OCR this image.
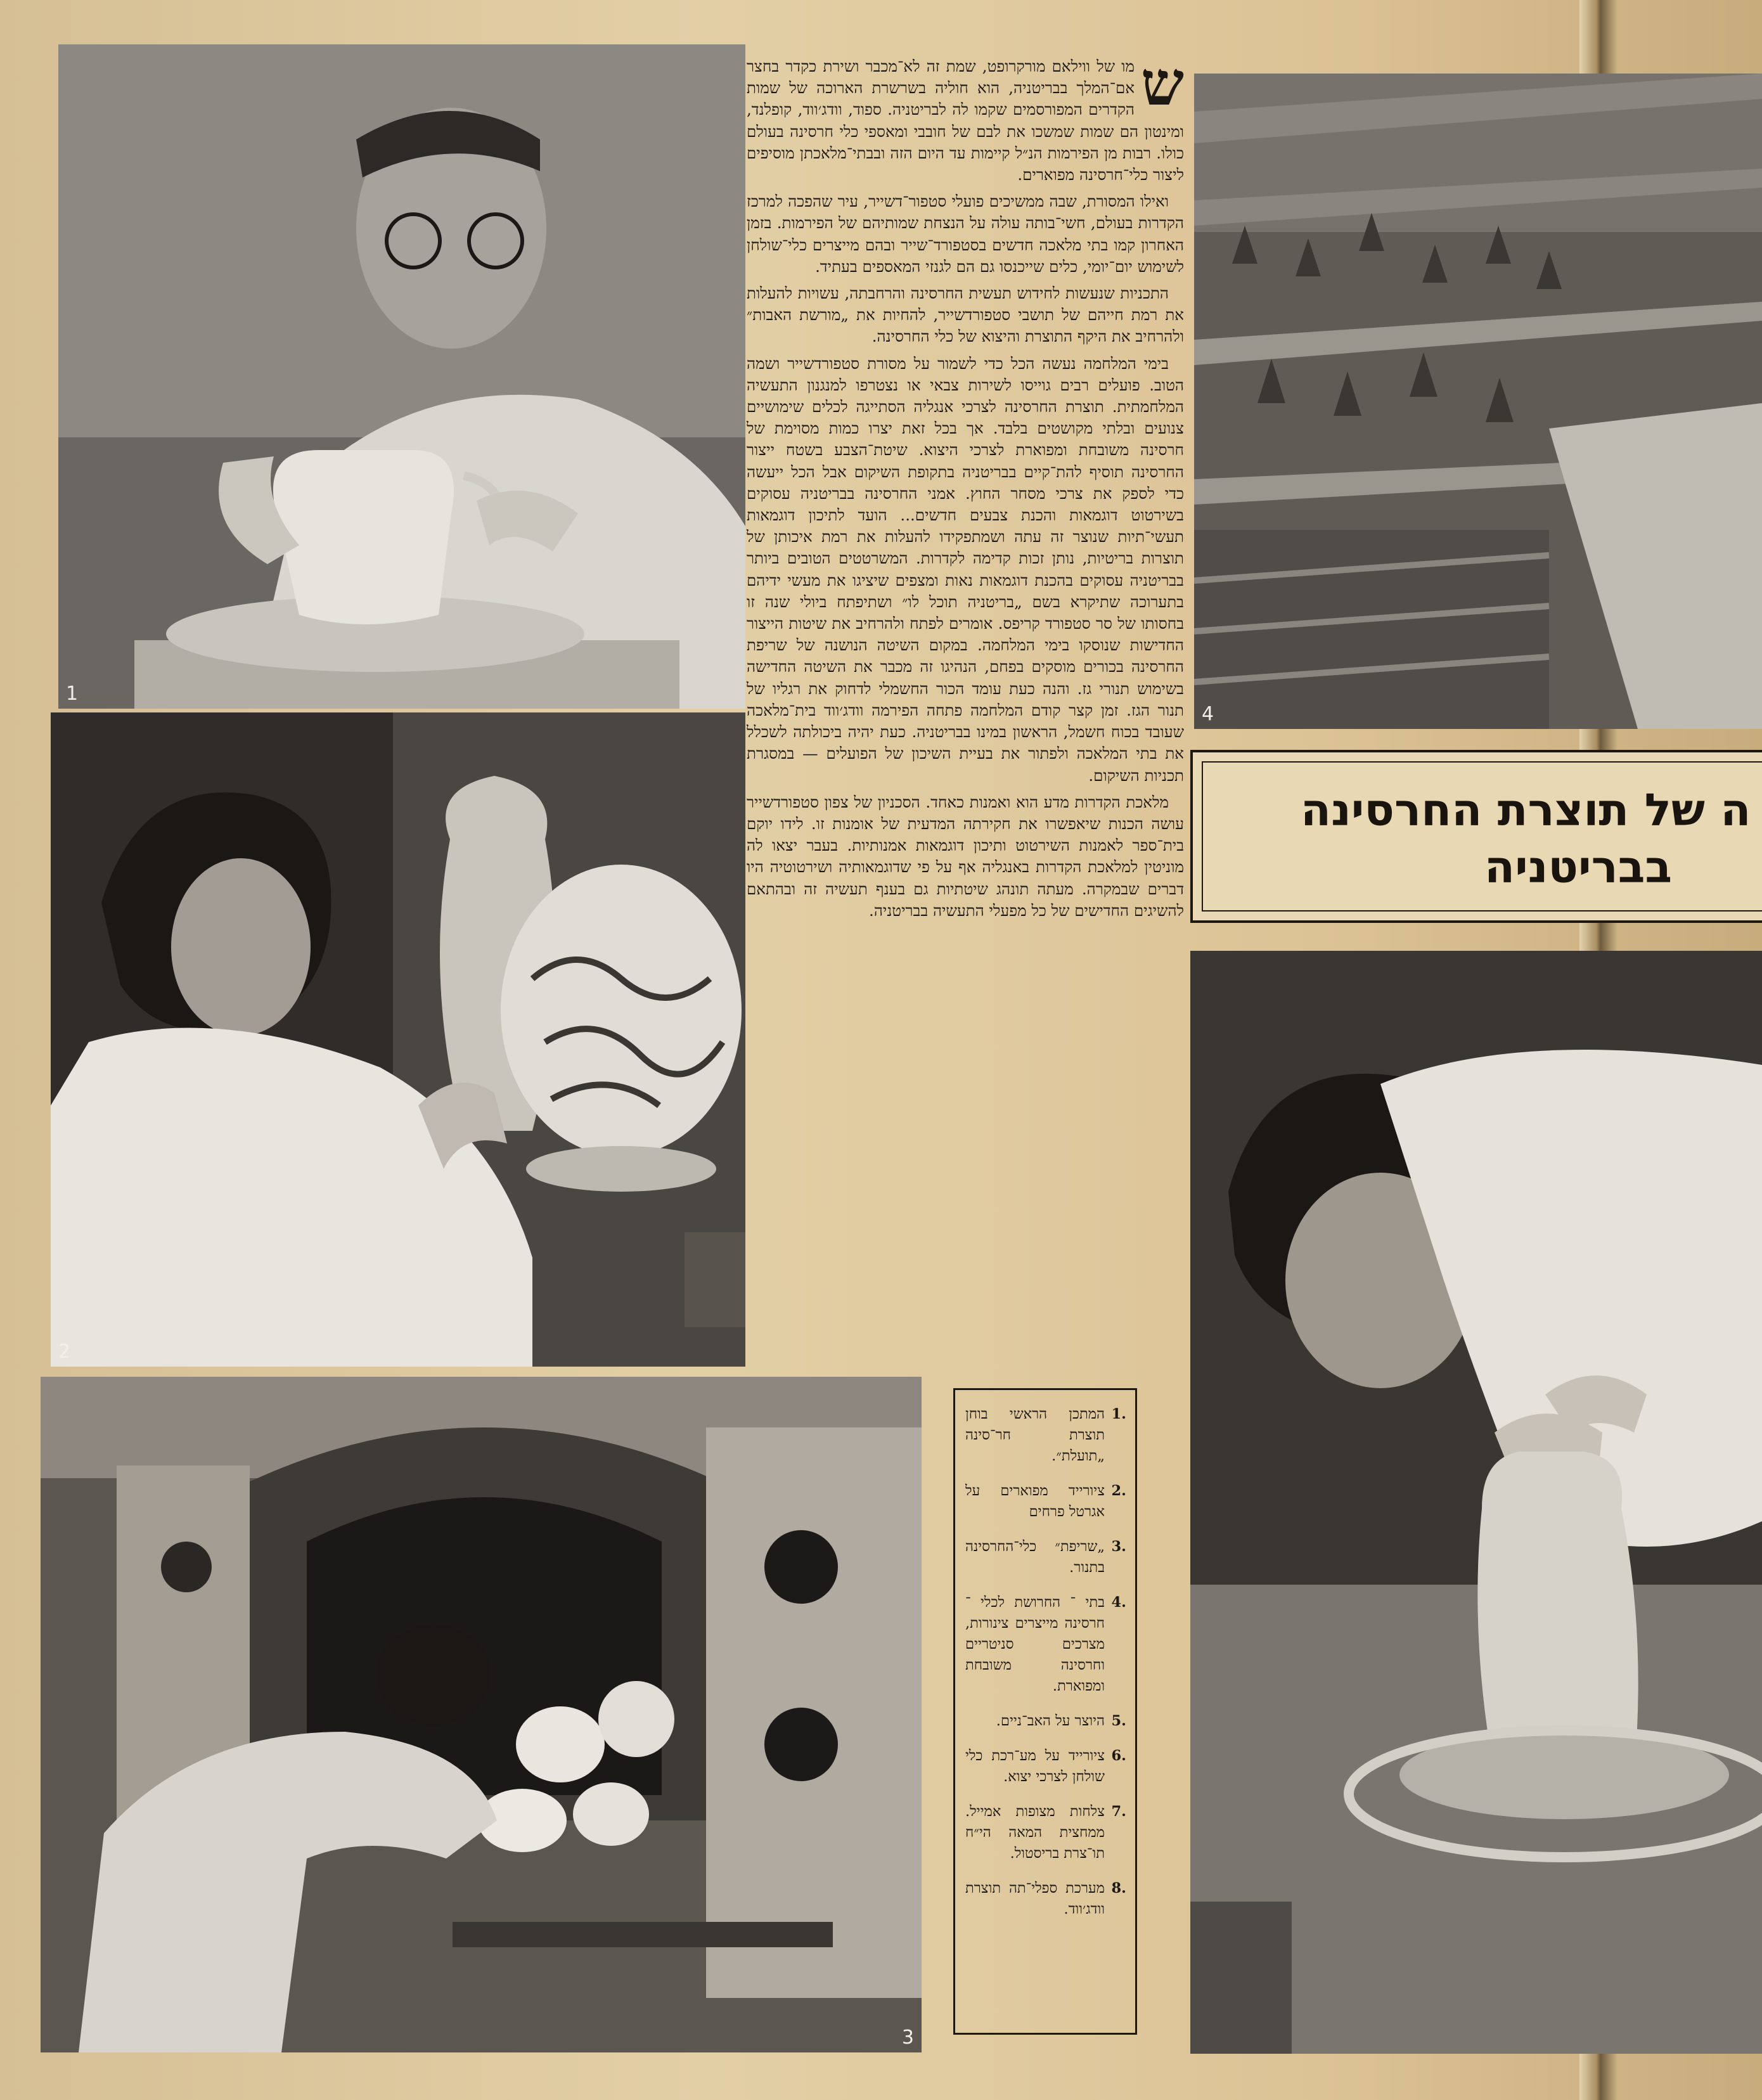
1
2
3
4

ש
מו של ווילאם מורקרופט, שמת זה לא־מכבר ושירת כקדר בחצר אם־המלך בבריטניה, הוא חוליה בשרשרת הארוכה של שמות הקדרים המפורסמים שקמו לה לבריטניה. ספוד, וודג׳ווד, קופלנד, ומינטון הם שמות שמשכו את לבם של חובבי ומאספי כלי חרסינה בעולם כולו. רבות מן הפירמות הנ״ל קיימות עד היום הזה ובבתי־מלאכתן מוסיפים ליצור כלי־חרסינה מפוארים.

ואילו המסורת, שבה ממשיכים פועלי סטפור־דשייר, עיר שהפכה למרכז הקדרות בעולם, חשי־בותה עולה על הנצחת שמותיהם של הפירמות. בזמן האחרון קמו בתי מלאכה חדשים בסטפורד־שייר ובהם מייצרים כלי־שולחן לשימוש יום־יומי, כלים שייכנסו גם הם לגנזי המאספים בעתיד.

התכניות שנעשות לחידוש תעשית החרסינה והרחבתה, עשויות להעלות את רמת חייהם של תושבי סטפורדשייר, להחיות את „מורשת האבות״ ולהרחיב את היקף התוצרת והיצוא של כלי החרסינה.

בימי המלחמה נעשה הכל כדי לשמור על מסורת סטפורדשייר ושמה הטוב. פועלים רבים גוייסו לשירות צבאי או נצטרפו למנגנון התעשיה המלחמתית. תוצרת החרסינה לצרכי אנגליה הסתייגה לכלים שימושיים צנועים ובלתי מקושטים בלבד. אך בכל זאת יצרו כמות מסוימת של חרסינה משובחת ומפוארת לצרכי היצוא. שיטת־הצבע בשטח ייצור החרסינה תוסיף להת־קיים בבריטניה בתקופת השיקום אבל הכל ייעשה כדי לספק את צרכי מסחר החוץ. אמני החרסינה בבריטניה עסוקים בשירטוט דוגמאות והכנת צבעים חדשים... הועד לתיכון דוגמאות תעשי־תיות שנוצר זה עתה ושמתפקידו להעלות את רמת איכותן של תוצרות בריטיות, נותן זכות קדימה לקדרות. המשרטטים הטובים ביותר בבריטניה עסוקים בהכנת דוגמאות נאות ומצפים שיציגו את מעשי ידיהם בתערוכה שתיקרא בשם „בריטניה תוכל לו״ ושתיפתח ביולי שנה זו בחסותו של סר סטפורד קריפס. אומרים לפתח ולהרחיב את שיטות הייצור החדישות שנוסקו בימי המלחמה. במקום השיטה הנושנה של שריפת החרסינה בכורים מוסקים בפחם, הנהיגו זה מכבר את השיטה החדישה בשימוש תנורי גז. והנה כעת עומד הכור החשמלי לדחוק את רגליו של תנור הגז. זמן קצר קודם המלחמה פתחה הפירמה וודג׳ווד בית־מלאכה שעובד בכוח חשמל, הראשון במינו בבריטניה. כעת יהיה ביכולתה לשכלל את בתי המלאכה ולפתור את בעיית השיכון של הפועלים — במסגרת תכניות השיקום.

מלאכת הקדרות מדע הוא ואמנות כאחד. הסכניון של צפון סטפורדשייר עושה הכנות שיאפשרו את חקירתה המדעית של אומנות זו. לידו יוקם בית־ספר לאמנות השירטוט ותיכון דוגמאות אמנותיות. בעבר יצאו לה מוניטין למלאכת הקדרות באנגליה אף על פי שדוגמאותיה ושירטוטיה היו דברים שבמקרה. מעתה תונהג שיטתיות גם בענף תעשיה זה ובהתאם להשיגים החדישים של כל מפעלי התעשיה בבריטניה.

ה של תוצרת החרסינה
בבריטניה
.1
המתכן הראשי בוחן תוצרת חר־סינה „תועלת״.
.2
ציורייד מפוארים על אגרטל פרחים
.3
„שריפת״ כלי־החרסינה בתנור.
.4
בתי ־ החרושת לכלי ־ חרסינה מייצרים צינורות, מצרכים סניטריים וחרסינה משובחת ומפוארת.
.5
היוצר על האב־ניים.
.6
ציורייד על מע־רכת כלי שולחן לצרכי יצוא.
.7
צלחות מצופות אמייל. ממחצית המאה הי״ח תו־צרת בריסטול.
.8
מערכת ספלי־תה תוצרת וודג׳ווד.
